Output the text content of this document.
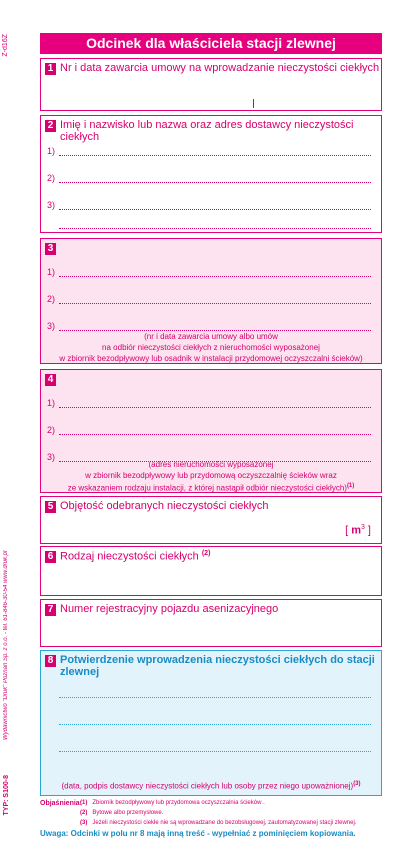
Z-d16Z
Wydawnictwo "Druk" Poznań Sp. z o.o. - tel. 61-846-30-54 www.druk.pl
TYP: S100-8
Odcinek dla właściciela stacji zlewnej
1 Nr i data zawarcia umowy na wprowadzanie nieczystości ciekłych
2 Imię i nazwisko lub nazwa oraz adres dostawcy nieczystości ciekłych
1)
2)
3)
3
1)
2)
3)
(nr i data zawarcia umowy albo umów
na odbiór nieczystości ciekłych z nieruchomości wyposażonej
w zbiornik bezodpływowy lub osadnik w instalacji przydomowej oczyszczalni ścieków)
4
1)
2)
3)
(adres nieruchomości wyposażonej
w zbiornik bezodpływowy lub przydomową oczyszczalnię ścieków wraz
ze wskazaniem rodzaju instalacji, z której nastąpił odbiór nieczystości ciekłych)$^{(1)}$
5 Objętość odebranych nieczystości ciekłych
[ $m^3$ ]
6 Rodzaj nieczystości ciekłych $^{(2)}$
7 Numer rejestracyjny pojazdu asenizacyjnego
8 Potwierdzenie wprowadzenia nieczystości ciekłych do stacji zlewnej
(data, podpis dostawcy nieczystości ciekłych lub osoby przez niego upoważnionej)$^{(3)}$
Objaśnienia:
(1) Zbiornik bezodpływowy lub przydomowa oczyszczalnia ścieków .
(2) Bytowe albo przemysłowe.
(3) Jeżeli nieczystości ciekłe nie są wprowadzane do bezobsługowej, zautomatyzowanej stacji zlewnej.
Uwaga: Odcinki w polu nr 8 mają inną treść - wypełniać z pominięciem kopiowania.
